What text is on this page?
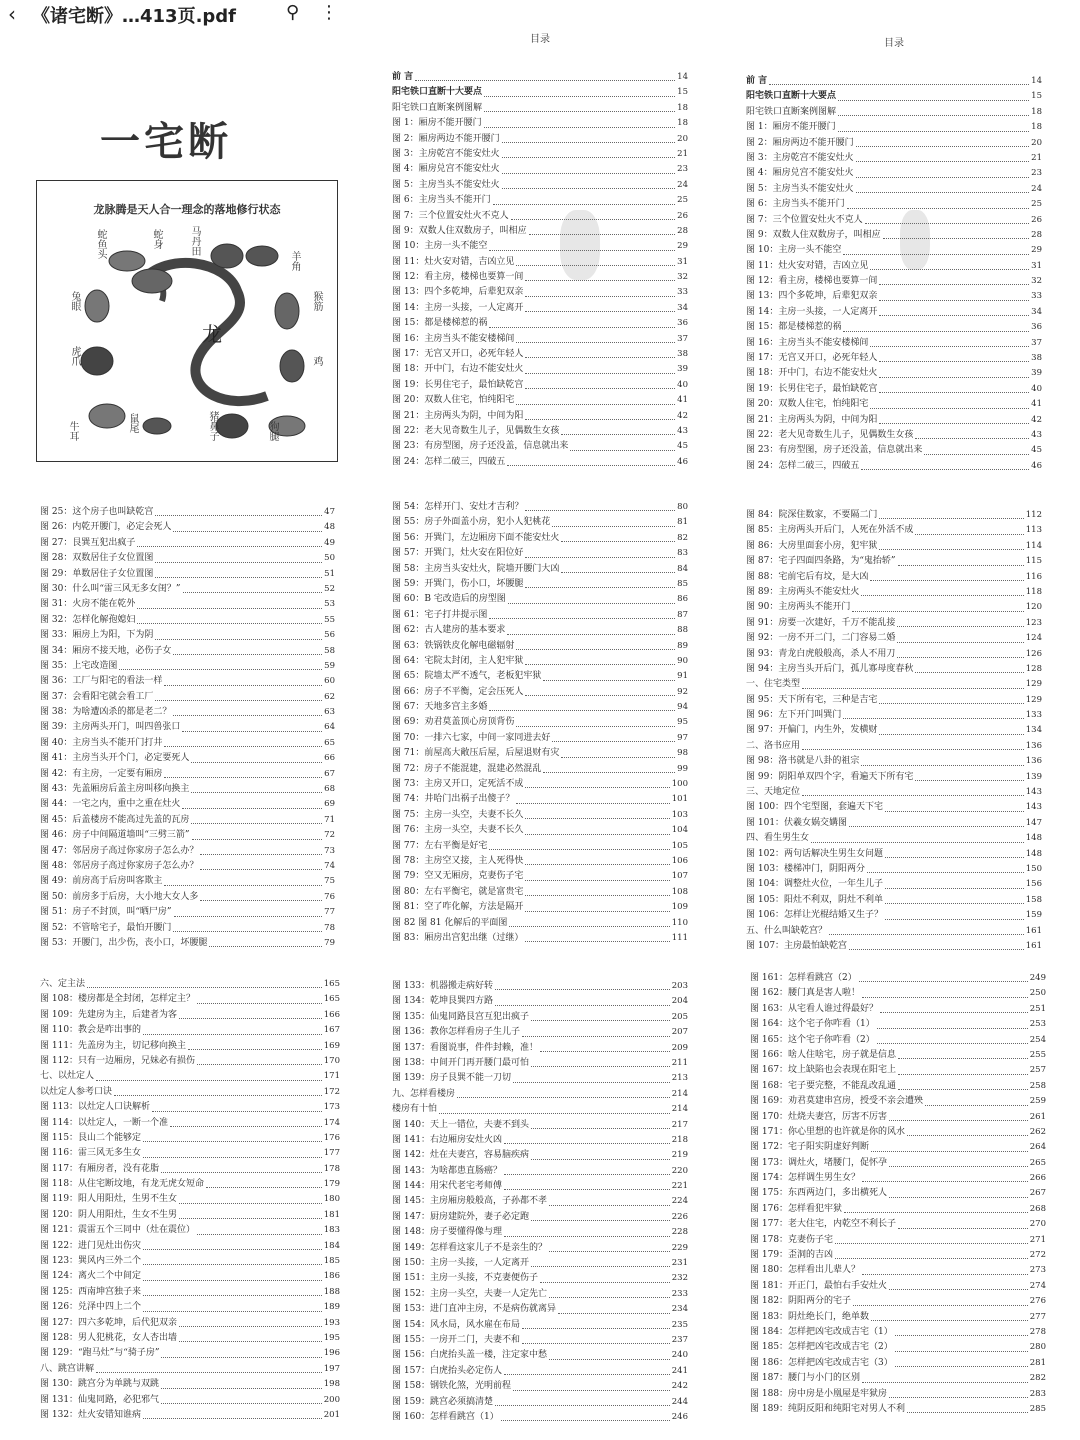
‹ 《诸宅断》…413页.pdf	⚲ ⋮
一宅断
龙脉腾是天人合一理念的落地修行状态
龙
蛇鱼头	蛇身	马丹田
羊角
兔眼	猴筋
虎爪	鸡
牛耳	鼠尾	猪鼻子	狗腿
目录
前 言	14
阳宅铁口直断十大要点	15
阳宅铁口直断案例图解	18
图 1：厢房不能开腰门	18
图 2：厢房两边不能开腰门	20
图 3：主房乾宫不能安灶火	21
图 4：厢房兑宫不能安灶火	23
图 5：主房当头不能安灶火	24
图 6：主房当头不能开门	25
图 7：三个位置安灶火不克人	26
图 9：双数人住双数房子，叫相应	28
图 10：主房一头不能空	29
图 11：灶火安对错，吉凶立见	31
图 12：看主房，楼梯也要算一间	32
图 13：四个多乾坤，后辈犯双亲	33
图 14：主房一头接，一人定离开	34
图 15：都是楼梯惹的祸	36
图 16：主房当头不能安楼梯间	37
图 17：无宫又开口，必死年轻人	38
图 18：开中门，右边不能安灶火	39
图 19：长男住宅子，最怕缺乾宫	40
图 20：双数人住宅，怕纯阳宅	41
图 21：主房两头为阴，中间为阳	42
图 22：老大见奇数生儿子，见偶数生女孩	43
图 23：有房型图，房子还没盖，信息就出来	45
图 24：怎样二破三，四破五	46
目录
前 言	14
阳宅铁口直断十大要点	15
阳宅铁口直断案例图解	18
图 1：厢房不能开腰门	18
图 2：厢房两边不能开腰门	20
图 3：主房乾宫不能安灶火	21
图 4：厢房兑宫不能安灶火	23
图 5：主房当头不能安灶火	24
图 6：主房当头不能开门	25
图 7：三个位置安灶火不克人	26
图 9：双数人住双数房子，叫相应	28
图 10：主房一头不能空	29
图 11：灶火安对错，吉凶立见	31
图 12：看主房，楼梯也要算一间	32
图 13：四个多乾坤，后辈犯双亲	33
图 14：主房一头接，一人定离开	34
图 15：都是楼梯惹的祸	36
图 16：主房当头不能安楼梯间	37
图 17：无宫又开口，必死年轻人	38
图 18：开中门，右边不能安灶火	39
图 19：长男住宅子，最怕缺乾宫	40
图 20：双数人住宅，怕纯阳宅	41
图 21：主房两头为阴，中间为阳	42
图 22：老大见奇数生儿子，见偶数生女孩	43
图 23：有房型图，房子还没盖，信息就出来	45
图 24：怎样二破三，四破五	46
图 25：这个房子也叫缺乾宫	47
图 26：内乾开腰门，必定会死人	48
图 27：艮巽互犯出疯子	49
图 28：双数居住子女位置图	50
图 29：单数居住子女位置图	51
图 30：什么叫“雷三风无多女闺？”	52
图 31：火房不能在乾外	53
图 32：怎样化解孢媳妇	55
图 33：厢房上为阳，下为阴	56
图 34：厢房不接天地，必伤子女	58
图 35：上宅改造图	59
图 36：工厂与阳宅的看法一样	60
图 37：会看阳宅就会看工厂	62
图 38：为啥遭凶杀的都是老二？	63
图 39：主房两头开门，叫四兽张口	64
图 40：主房当头不能开门打井	65
图 41：主房当头开个门，必定要死人	66
图 42：有主房，一定要有厢房	67
图 43：先盖厢房后盖主房叫移向换主	68
图 44：一宅之内，重中之重在灶火	69
图 45：后盖楼房不能高过先盖的瓦房	71
图 46：房子中间隔道墙叫“三劈三箭”	72
图 47：邻居房子高过你家房子怎么办？	73
图 48：邻居房子高过你家房子怎么办？	74
图 49：前房高于后房叫客欺主	75
图 50：前房多于后房，大小地大女人多	76
图 51：房子不封顶，叫“晒尸房”	77
图 52：不管啥宅子，最怕开腰门	78
图 53：开腰门，出少伤，丧小口，坏腰腿	79
图 54：怎样开门、安灶才吉利？	80
图 55：房子外面盖小房，犯小人犯桃花	81
图 56：开巽门，左边厢房下面不能安灶火	82
图 57：开巽门，灶火安在阳位好	83
图 58：主房当头安灶火，院墙开腰门大凶	84
图 59：开巽门，伤小口，坏腰腿	85
图 60：B 宅改造后的房型图	86
图 61：宅子打井提示图	87
图 62：古人建房的基本要求	88
图 63：铁锅铁皮化解电磁辐射	89
图 64：宅院太封闭，主人犯牢狱	90
图 65：院墙太严不透气，老板犯牢狱	91
图 66：房子不平衡，定会压死人	92
图 67：天地多宫主多婚	94
图 69：劝君莫盖顶心房顶背伤	95
图 70：一排六七家，中间一家同进去好	97
图 71：前屋高大敞压后屋，后屋退财有灾	98
图 72：房子不能混建，混建必然混乱	99
图 73：主房又开口，定死活不成	100
图 74：井哈门出祸子出傻子？	101
图 75：主房一头空，夫妻不长久	103
图 76：主房一头空，夫妻不长久	104
图 77：左右平衡是好宅	105
图 78：主房空又接，主人死得快	106
图 79：空又无厢房，克妻伤子宅	107
图 80：左右平衡宅，就是富贵宅	108
图 81：空了咋化解，方法是隔开	109
图 82 图 81 化解后的平面图	110
图 83：厢房出宫犯出继（过继）	111
图 84：院深住数家，不要隔二门	112
图 85：主房两头开后门，人死在外活不成	113
图 86：大房里面套小房，犯牢狱	114
图 87：宅子四面四条路，为“鬼抬轿”	115
图 88：宅前宅后有坟，是大凶	116
图 89：主房两头不能安灶火	118
图 90：主房两头不能开门	120
图 91：房要一次建好，千万不能乱接	123
图 92：一房不开二门，二门容易二婚	124
图 93：青龙白虎般般高，杀人不用刀	126
图 94：主房当头开后门，孤儿寡母度春秋	128
一、住宅类型	129
图 95：天下所有宅，三种是吉宅	129
图 96：左下开门叫巽门	133
图 97：开偏门，内生外，发横财	134
二、洛书应用	136
图 98：洛书就是八卦的祖宗	136
图 99：阴阳单双四个字，看遍天下所有宅	139
三、天地定位	143
图 100：四个宅型图，套遍天下宅	143
图 101：伏羲女娲交媾图	147
四、看生男生女	148
图 102：两句话解决生男生女问题	148
图 103：楼梯冲门，阴阳两分	150
图 104：调整灶火位，一年生儿子	156
图 105：阳灶不利双，阴灶不利单	158
图 106：怎样让光棍结婚又生子？	159
五、什么叫缺乾宫？	161
图 107：主房最怕缺乾宫	161
六、定主法	165
图 108：楼房都是全封闭，怎样定主？	165
图 109：先建房为主，后建者为客	166
图 110：教会是咋出事的	167
图 111：先盖房为主，切记移向换主	169
图 112：只有一边厢房，兄妹必有损伤	170
七、以灶定人	171
以灶定人参考口诀	172
图 113：以灶定人口诀解析	173
图 114：以灶定人，一断一个准	174
图 115：艮山二个能够定	176
图 116：雷三风无多生女	177
图 117：有厢房者，没有花脂	178
图 118：从住宅断坟地，有龙无虎女短命	179
图 119：阳人用阳灶，生男不生女	180
图 120：阴人用阳灶，生女不生男	181
图 121：震雷五个三同中（灶在震位）	183
图 122：进门见灶出伤灾	184
图 123：巽风内三外二个	185
图 124：离火二个中间定	186
图 125：西南坤宫独子来	188
图 126：兑泽中四上二个	189
图 127：四六多乾坤，后代犯双亲	193
图 128：男人犯桃花，女人杏出墙	195
图 129：“跑马灶”与“骑子房”	196
八、跳宫讲解	197
图 130：跳宫分为单跳与双跳	198
图 131：仙鬼同路，必犯邪气	200
图 132：灶火安错知谁病	201
图 133：机器搬走病好转	203
图 134：乾坤艮巽四方路	204
图 135：仙鬼同路艮宫互犯出疯子	205
图 136：教你怎样看房子生儿子	207
图 137：看图说事，件件封赖，准！	209
图 138：中间开门再开腰门最可怕	211
图 139：房子艮巽不能一刀切	213
九、怎样看楼房	214
楼房有十怕	214
图 140：天上一错位，夫妻不到头	217
图 141：右边厢房安灶火凶	218
图 142：灶在夫妻宫，容易脑疾病	219
图 143：为啥都患直肠癌？	220
图 144：用宋代老宅考师傅	221
图 145：主房厢房般般高，子孙都不孝	224
图 147：厨房建院外，妻子必定跑	226
图 148：房子要懂得像与理	228
图 149：怎样看这家儿子不是亲生的？	229
图 150：主房一头接，一人定离开	231
图 151：主房一头接，不克妻便伤子	232
图 152：主房一头空，夫妻一人定先亡	233
图 153：进门直冲主房，不是病伤就离异	234
图 154：风水局，风水雇在布局	235
图 155：一房开二门，夫妻不和	237
图 156：白虎抬头盖一楼，注定家中愁	240
图 157：白虎抬头必定伤人	241
图 158：钢铁化煞，光明前程	242
图 159：跳宫必须搞清楚	244
图 160：怎样看跳宫（1）	246
图 161：怎样看跳宫（2）	249
图 162：腰门真是害人啦！	250
图 163：从宅看人谁过得最好？	251
图 164：这个宅子你咋看（1）	253
图 165：这个宅子你咋看（2）	254
图 166：啥人住啥宅，房子就是信息	255
图 167：坟上缺陷也会表现在阳宅上	257
图 168：宅子要完整，不能乱改乱通	258
图 169：劝君莫建串宫房，授受不亲会遭殃	259
图 170：灶烧夫妻宫，厉害不厉害	261
图 171：你心里想的也许就是你的风水	262
图 172：宅子阳实阴虚好判断	264
图 173：调灶火，堵腰门，促怀孕	265
图 174：怎样调生男生女？	266
图 175：东西两边门，多出横死人	267
图 176：怎样看犯牢狱	268
图 177：老大住宅，内乾空不利长子	270
图 178：克妻伤子宅	271
图 179：歪洞的吉凶	272
图 180：怎样看出儿辈人？	273
图 181：开正门，最怕右手安灶火	274
图 182：阴阳两分的宅子	276
图 183：阴灶绝长门，绝单数	277
图 184：怎样把凶宅改成吉宅（1）	278
图 185：怎样把凶宅改成吉宅（2）	280
图 186：怎样把凶宅改成吉宅（3）	281
图 187：腰门与小门的区别	282
图 188：房中房是小凰屋是牢狱房	283
图 189：纯阴反阳和纯阳宅对男人不利	285
